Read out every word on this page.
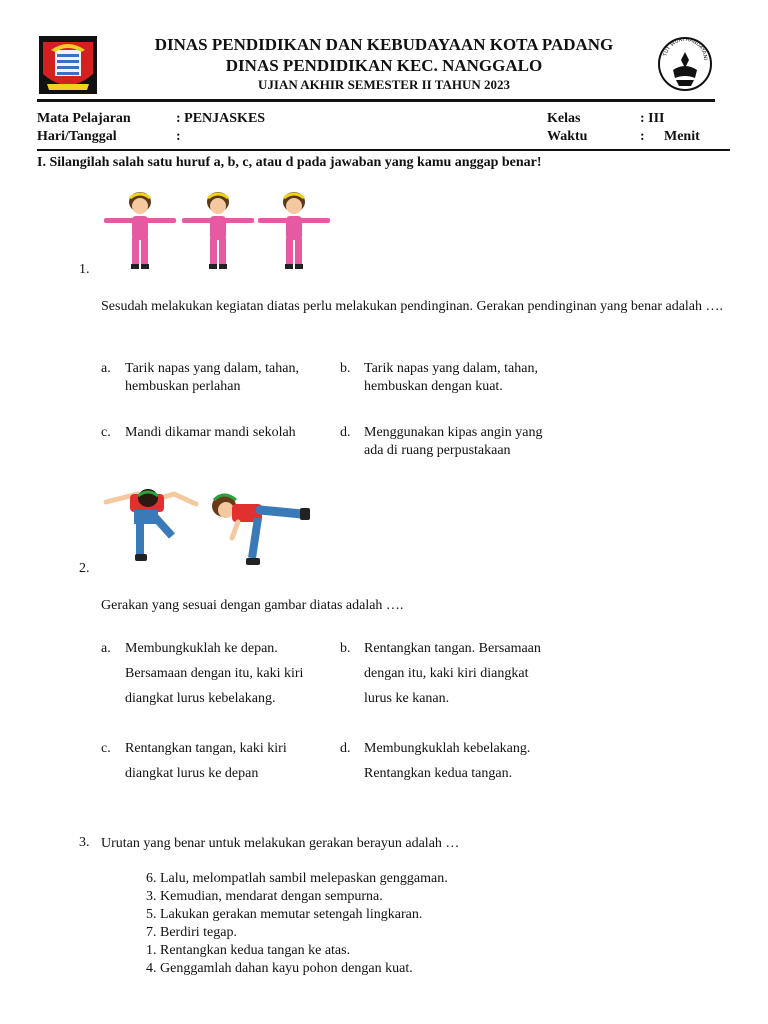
DINAS PENDIDIKAN DAN KEBUDAYAAN KOTA PADANG
DINAS PENDIDIKAN KEC. NANGGALO
UJIAN AKHIR SEMESTER II TAHUN 2023
TUT WURI HANDAYANI
Mata Pelajaran	: PENJASKES
Hari/Tanggal	:
Kelas	: III
Waktu	: Menit
I. Silangilah salah satu huruf a, b, c, atau d pada jawaban yang kamu anggap benar!
1.
Sesudah melakukan kegiatan diatas perlu melakukan pendinginan. Gerakan pendinginan yang benar adalah ….
a. Tarik napas yang dalam, tahan, hembuskan perlahan
b. Tarik napas yang dalam, tahan, hembuskan dengan kuat.
c. Mandi dikamar mandi sekolah	d. Menggunakan kipas angin yang ada di ruang perpustakaan
2.
Gerakan yang sesuai dengan gambar diatas adalah ….
a. Membungkuklah ke depan. Bersamaan dengan itu, kaki kiri diangkat lurus kebelakang.
b. Rentangkan tangan. Bersamaan dengan itu, kaki kiri diangkat lurus ke kanan.
c. Rentangkan tangan, kaki kiri diangkat lurus ke depan
d. Membungkuklah kebelakang. Rentangkan kedua tangan.
3. Urutan yang benar untuk melakukan gerakan berayun adalah …
6. Lalu, melompatlah sambil melepaskan genggaman.
3. Kemudian, mendarat dengan sempurna.
5. Lakukan gerakan memutar setengah lingkaran.
7. Berdiri tegap.
1. Rentangkan kedua tangan ke atas.
4. Genggamlah dahan kayu pohon dengan kuat.
